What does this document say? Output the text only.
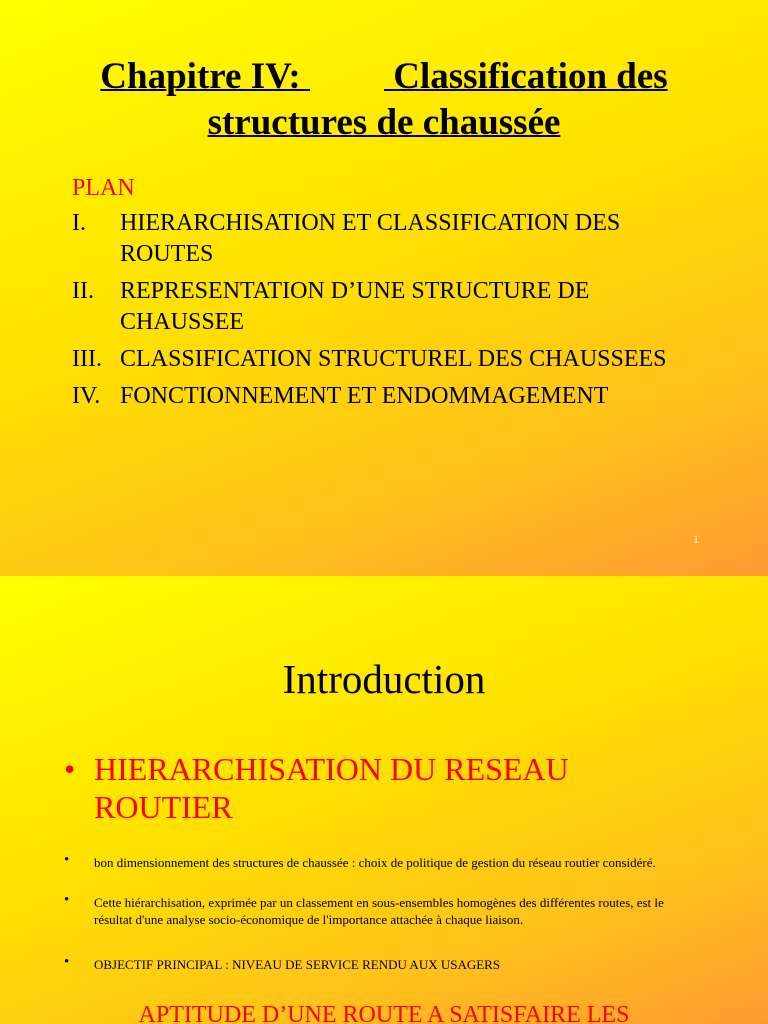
Chapitre IV:          Classification des
structures de chaussée
PLAN
I. HIERARCHISATION ET CLASSIFICATION DES ROUTES
II. REPRESENTATION D’UNE STRUCTURE DE CHAUSSEE
III. CLASSIFICATION STRUCTUREL DES CHAUSSEES
IV. FONCTIONNEMENT ET ENDOMMAGEMENT
1
Introduction
• HIERARCHISATION DU RESEAU ROUTIER
•	bon dimensionnement des structures de chaussée : choix de politique de gestion du réseau routier considéré.
•	Cette hiérarchisation, exprimée par un classement en sous-ensembles homogènes des différentes routes, est le résultat d'une analyse socio-économique de l'importance attachée à chaque liaison.
•	OBJECTIF PRINCIPAL : NIVEAU DE SERVICE RENDU AUX USAGERS
APTITUDE D’UNE ROUTE A SATISFAIRE LES
